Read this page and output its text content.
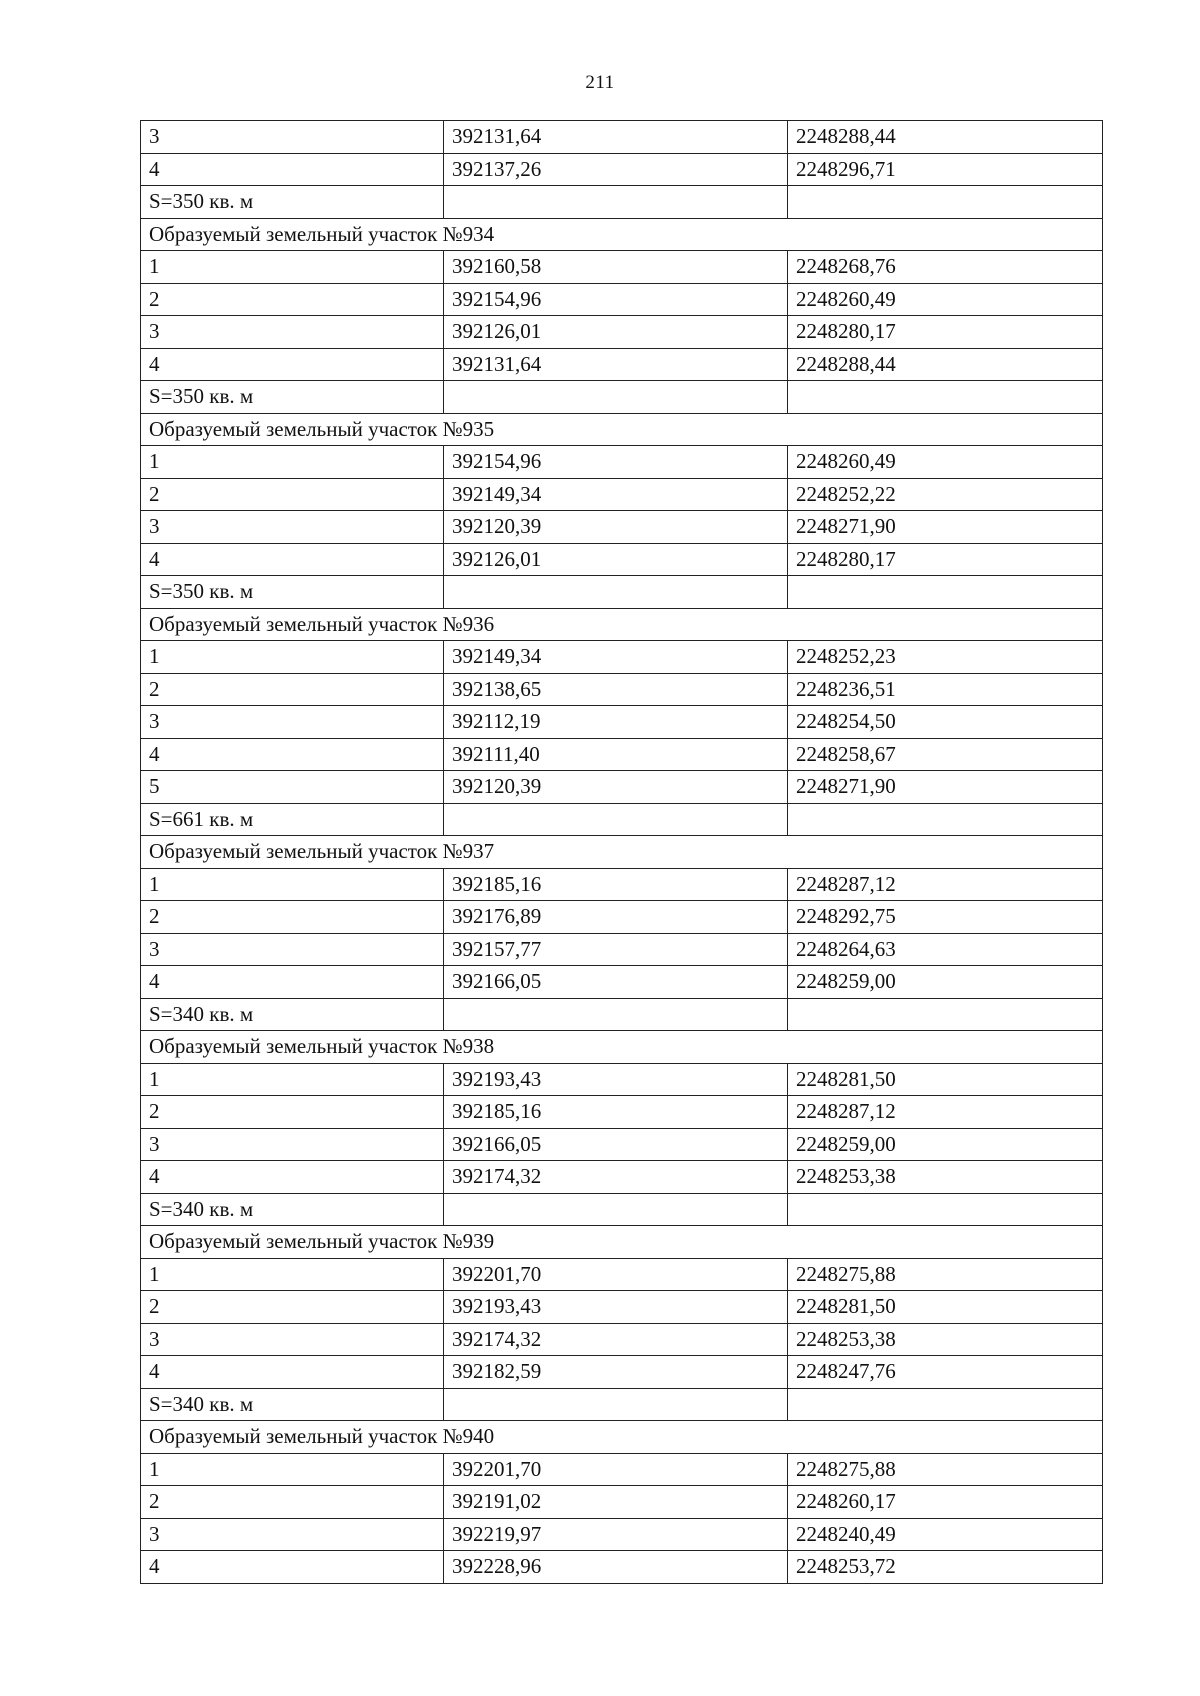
211
3	392131,64	2248288,44
4	392137,26	2248296,71
S=350 кв. м		
Образуемый земельный участок №934		
1	392160,58	2248268,76
2	392154,96	2248260,49
3	392126,01	2248280,17
4	392131,64	2248288,44
S=350 кв. м		
Образуемый земельный участок №935		
1	392154,96	2248260,49
2	392149,34	2248252,22
3	392120,39	2248271,90
4	392126,01	2248280,17
S=350 кв. м		
Образуемый земельный участок №936		
1	392149,34	2248252,23
2	392138,65	2248236,51
3	392112,19	2248254,50
4	392111,40	2248258,67
5	392120,39	2248271,90
S=661 кв. м		
Образуемый земельный участок №937		
1	392185,16	2248287,12
2	392176,89	2248292,75
3	392157,77	2248264,63
4	392166,05	2248259,00
S=340 кв. м		
Образуемый земельный участок №938		
1	392193,43	2248281,50
2	392185,16	2248287,12
3	392166,05	2248259,00
4	392174,32	2248253,38
S=340 кв. м		
Образуемый земельный участок №939		
1	392201,70	2248275,88
2	392193,43	2248281,50
3	392174,32	2248253,38
4	392182,59	2248247,76
S=340 кв. м		
Образуемый земельный участок №940		
1	392201,70	2248275,88
2	392191,02	2248260,17
3	392219,97	2248240,49
4	392228,96	2248253,72
